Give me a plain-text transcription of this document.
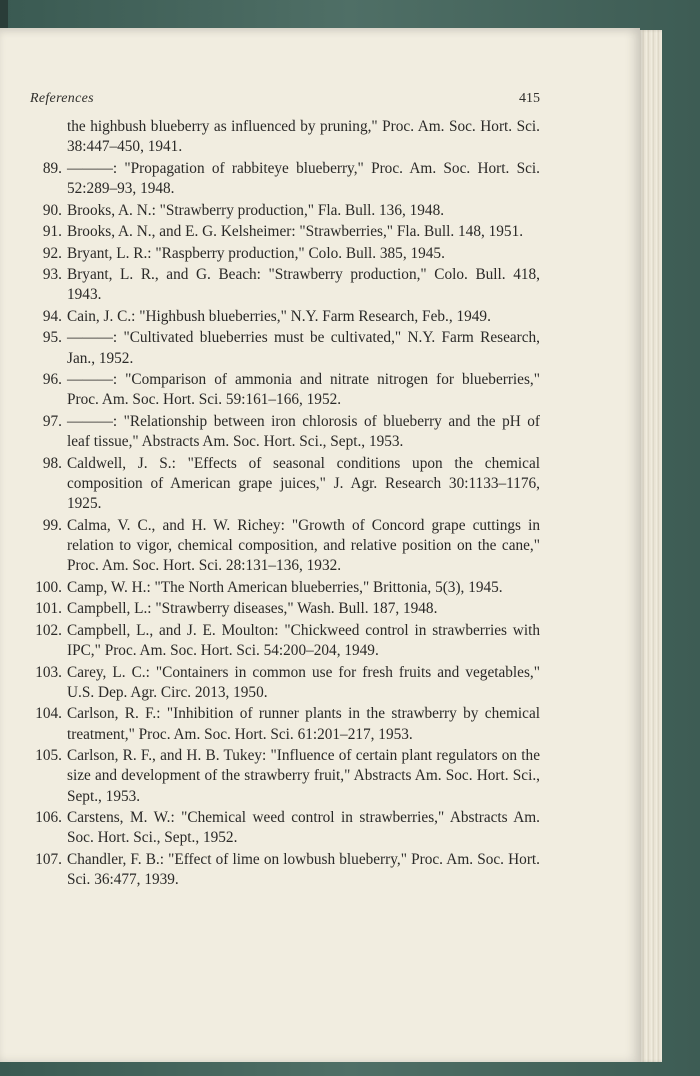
References	415
the highbush blueberry as influenced by pruning," Proc. Am. Soc. Hort. Sci. 38:447–450, 1941.
89. ———: "Propagation of rabbiteye blueberry," Proc. Am. Soc. Hort. Sci. 52:289–93, 1948.
90. Brooks, A. N.: "Strawberry production," Fla. Bull. 136, 1948.
91. Brooks, A. N., and E. G. Kelsheimer: "Strawberries," Fla. Bull. 148, 1951.
92. Bryant, L. R.: "Raspberry production," Colo. Bull. 385, 1945.
93. Bryant, L. R., and G. Beach: "Strawberry production," Colo. Bull. 418, 1943.
94. Cain, J. C.: "Highbush blueberries," N.Y. Farm Research, Feb., 1949.
95. ———: "Cultivated blueberries must be cultivated," N.Y. Farm Research, Jan., 1952.
96. ———: "Comparison of ammonia and nitrate nitrogen for blueberries," Proc. Am. Soc. Hort. Sci. 59:161–166, 1952.
97. ———: "Relationship between iron chlorosis of blueberry and the pH of leaf tissue," Abstracts Am. Soc. Hort. Sci., Sept., 1953.
98. Caldwell, J. S.: "Effects of seasonal conditions upon the chemical composition of American grape juices," J. Agr. Research 30:1133–1176, 1925.
99. Calma, V. C., and H. W. Richey: "Growth of Concord grape cuttings in relation to vigor, chemical composition, and relative position on the cane," Proc. Am. Soc. Hort. Sci. 28:131–136, 1932.
100. Camp, W. H.: "The North American blueberries," Brittonia, 5(3), 1945.
101. Campbell, L.: "Strawberry diseases," Wash. Bull. 187, 1948.
102. Campbell, L., and J. E. Moulton: "Chickweed control in strawberries with IPC," Proc. Am. Soc. Hort. Sci. 54:200–204, 1949.
103. Carey, L. C.: "Containers in common use for fresh fruits and vegetables," U.S. Dep. Agr. Circ. 2013, 1950.
104. Carlson, R. F.: "Inhibition of runner plants in the strawberry by chemical treatment," Proc. Am. Soc. Hort. Sci. 61:201–217, 1953.
105. Carlson, R. F., and H. B. Tukey: "Influence of certain plant regulators on the size and development of the strawberry fruit," Abstracts Am. Soc. Hort. Sci., Sept., 1953.
106. Carstens, M. W.: "Chemical weed control in strawberries," Abstracts Am. Soc. Hort. Sci., Sept., 1952.
107. Chandler, F. B.: "Effect of lime on lowbush blueberry," Proc. Am. Soc. Hort. Sci. 36:477, 1939.
